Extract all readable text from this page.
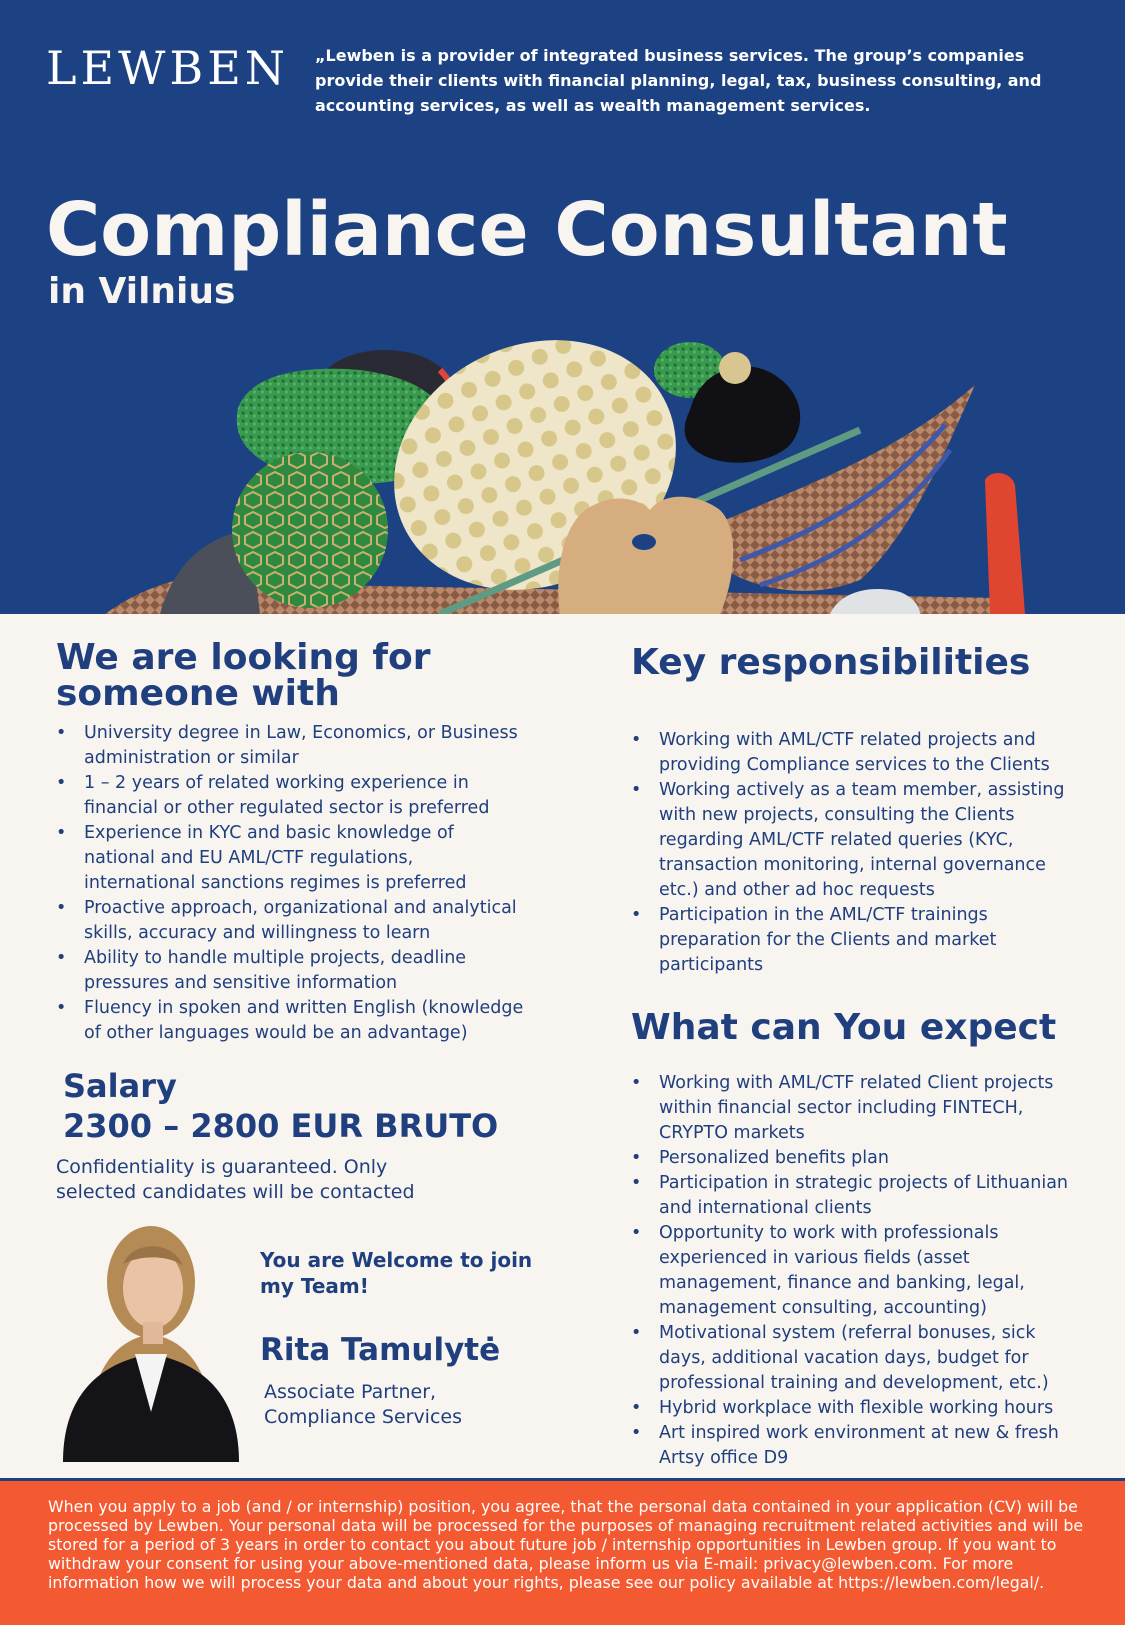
LEWBEN „Lewben is a provider of integrated business services. The group’s companies provide their clients with financial planning, legal, tax, business consulting, and accounting services, as well as wealth management services.

Compliance Consultant
in Vilnius
We are looking for
someone with
• University degree in Law, Economics, or Business administration or similar
• 1 – 2 years of related working experience in financial or other regulated sector is preferred
• Experience in KYC and basic knowledge of national and EU AML/CTF regulations, international sanctions regimes is preferred
• Proactive approach, organizational and analytical skills, accuracy and willingness to learn
• Ability to handle multiple projects, deadline pressures and sensitive information
• Fluency in spoken and written English (knowledge of other languages would be an advantage)
Salary
2300 – 2800 EUR BRUTO

Confidentiality is guaranteed. Only selected candidates will be contacted

You are Welcome to join my Team!

Rita Tamulytė

Associate Partner, Compliance Services

Key responsibilities
• Working with AML/CTF related projects and providing Compliance services to the Clients
• Working actively as a team member, assisting with new projects, consulting the Clients regarding AML/CTF related queries (KYC, transaction monitoring, internal governance etc.) and other ad hoc requests
• Participation in the AML/CTF trainings preparation for the Clients and market participants
What can You expect
• Working with AML/CTF related Client projects within financial sector including FINTECH, CRYPTO markets
• Personalized benefits plan
• Participation in strategic projects of Lithuanian and international clients
• Opportunity to work with professionals experienced in various fields (asset management, finance and banking, legal, management consulting, accounting)
• Motivational system (referral bonuses, sick days, additional vacation days, budget for professional training and development, etc.)
• Hybrid workplace with flexible working hours
• Art inspired work environment at new & fresh Artsy office D9

When you apply to a job (and / or internship) position, you agree, that the personal data contained in your application (CV) will be processed by Lewben. Your personal data will be processed for the purposes of managing recruitment related activities and will be stored for a period of 3 years in order to contact you about future job / internship opportunities in Lewben group. If you want to withdraw your consent for using your above-mentioned data, please inform us via E-mail: privacy@lewben.com. For more information how we will process your data and about your rights, please see our policy available at https://lewben.com/legal/.
